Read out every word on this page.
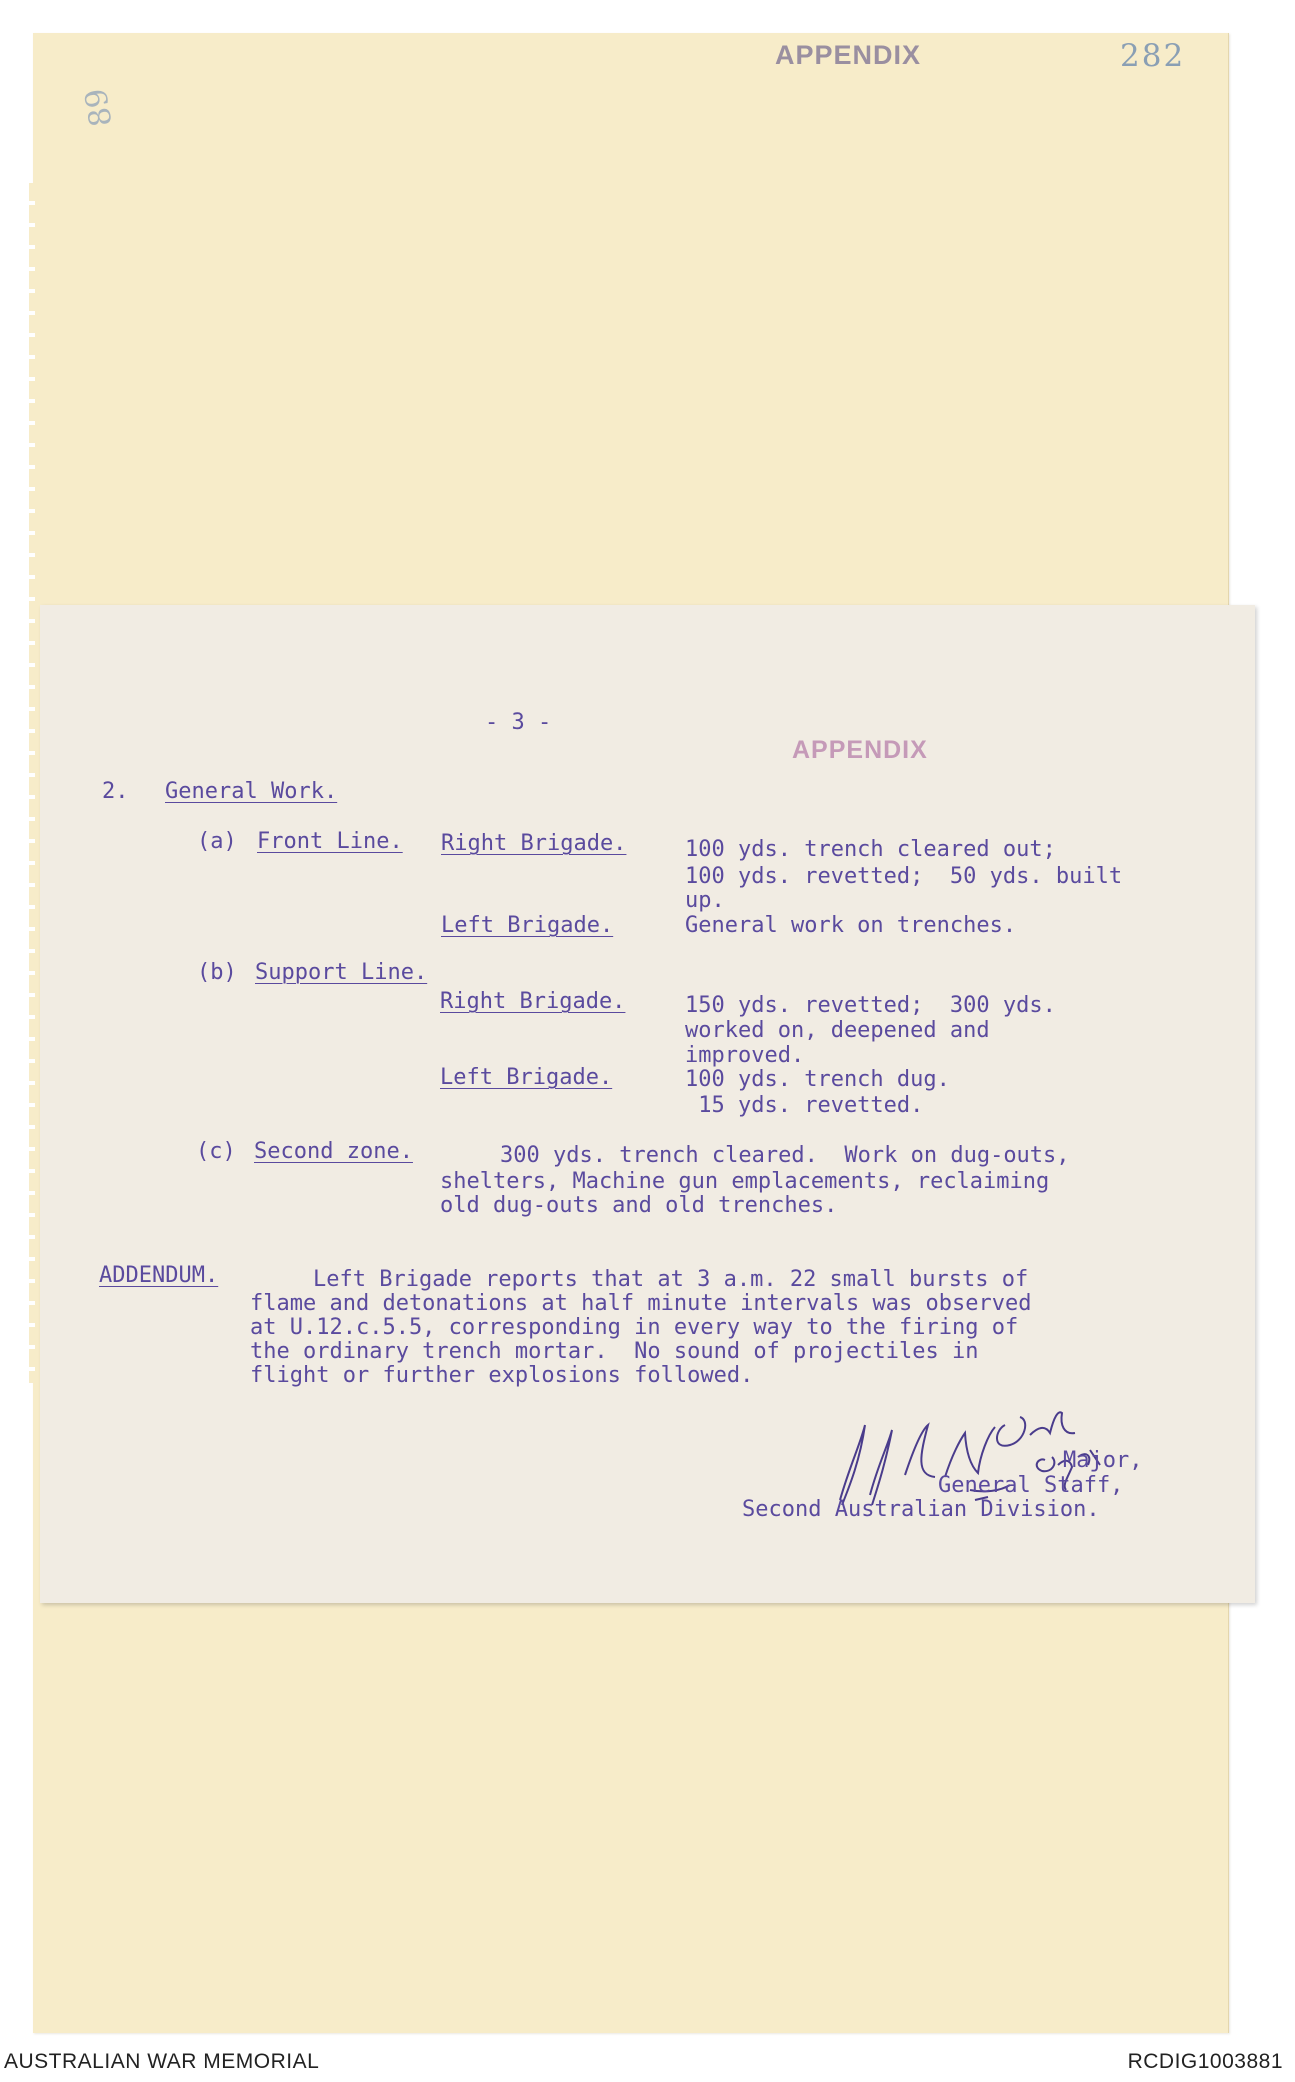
APPENDIX	282
89
- 3 -
APPENDIX
2. General Work.
(a) Front Line. Right Brigade.	100 yds. trench cleared out;
100 yds. revetted;  50 yds. built
up.
Left Brigade.	General work on trenches.
(b) Support Line.
Right Brigade.	150 yds. revetted;  300 yds.
worked on, deepened and
improved.
Left Brigade.	100 yds. trench dug.
15 yds. revetted.
(c) Second zone.	300 yds. trench cleared.  Work on dug-outs,
shelters, Machine gun emplacements, reclaiming
old dug-outs and old trenches.
ADDENDUM.	Left Brigade reports that at 3 a.m. 22 small bursts of
flame and detonations at half minute intervals was observed
at U.12.c.5.5, corresponding in every way to the firing of
the ordinary trench mortar.  No sound of projectiles in
flight or further explosions followed.
Major,
General Staff,
Second Australian Division.
AUSTRALIAN WAR MEMORIAL	RCDIG1003881
